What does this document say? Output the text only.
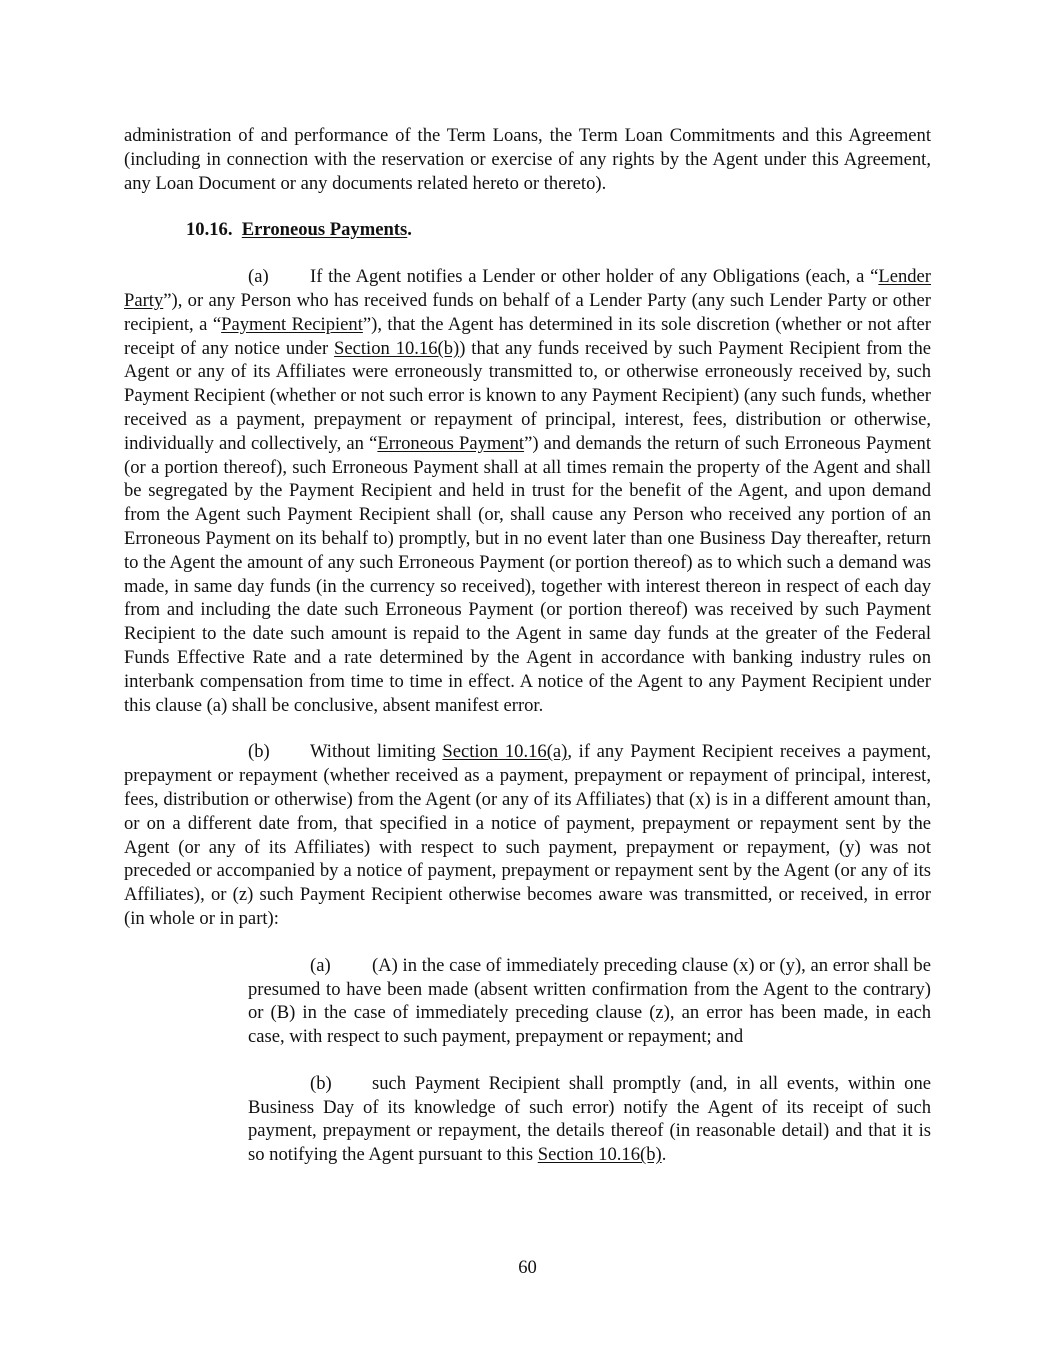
administration of and performance of the Term Loans, the Term Loan Commitments and this Agreement (including in connection with the reservation or exercise of any rights by the Agent under this Agreement, any Loan Document or any documents related hereto or thereto).

10.16. Erroneous Payments.

(a) If the Agent notifies a Lender or other holder of any Obligations (each, a “Lender Party”), or any Person who has received funds on behalf of a Lender Party (any such Lender Party or other recipient, a “Payment Recipient”), that the Agent has determined in its sole discretion (whether or not after receipt of any notice under Section 10.16(b)) that any funds received by such Payment Recipient from the Agent or any of its Affiliates were erroneously transmitted to, or otherwise erroneously received by, such Payment Recipient (whether or not such error is known to any Payment Recipient) (any such funds, whether received as a payment, prepayment or repayment of principal, interest, fees, distribution or otherwise, individually and collectively, an “Erroneous Payment”) and demands the return of such Erroneous Payment (or a portion thereof), such Erroneous Payment shall at all times remain the property of the Agent and shall be segregated by the Payment Recipient and held in trust for the benefit of the Agent, and upon demand from the Agent such Payment Recipient shall (or, shall cause any Person who received any portion of an Erroneous Payment on its behalf to) promptly, but in no event later than one Business Day thereafter, return to the Agent the amount of any such Erroneous Payment (or portion thereof) as to which such a demand was made, in same day funds (in the currency so received), together with interest thereon in respect of each day from and including the date such Erroneous Payment (or portion thereof) was received by such Payment Recipient to the date such amount is repaid to the Agent in same day funds at the greater of the Federal Funds Effective Rate and a rate determined by the Agent in accordance with banking industry rules on interbank compensation from time to time in effect. A notice of the Agent to any Payment Recipient under this clause (a) shall be conclusive, absent manifest error.

(b) Without limiting Section 10.16(a), if any Payment Recipient receives a payment, prepayment or repayment (whether received as a payment, prepayment or repayment of principal, interest, fees, distribution or otherwise) from the Agent (or any of its Affiliates) that (x) is in a different amount than, or on a different date from, that specified in a notice of payment, prepayment or repayment sent by the Agent (or any of its Affiliates) with respect to such payment, prepayment or repayment, (y) was not preceded or accompanied by a notice of payment, prepayment or repayment sent by the Agent (or any of its Affiliates), or (z) such Payment Recipient otherwise becomes aware was transmitted, or received, in error (in whole or in part):

(a) (A) in the case of immediately preceding clause (x) or (y), an error shall be presumed to have been made (absent written confirmation from the Agent to the contrary) or (B) in the case of immediately preceding clause (z), an error has been made, in each case, with respect to such payment, prepayment or repayment; and

(b) such Payment Recipient shall promptly (and, in all events, within one Business Day of its knowledge of such error) notify the Agent of its receipt of such payment, prepayment or repayment, the details thereof (in reasonable detail) and that it is so notifying the Agent pursuant to this Section 10.16(b).

60
